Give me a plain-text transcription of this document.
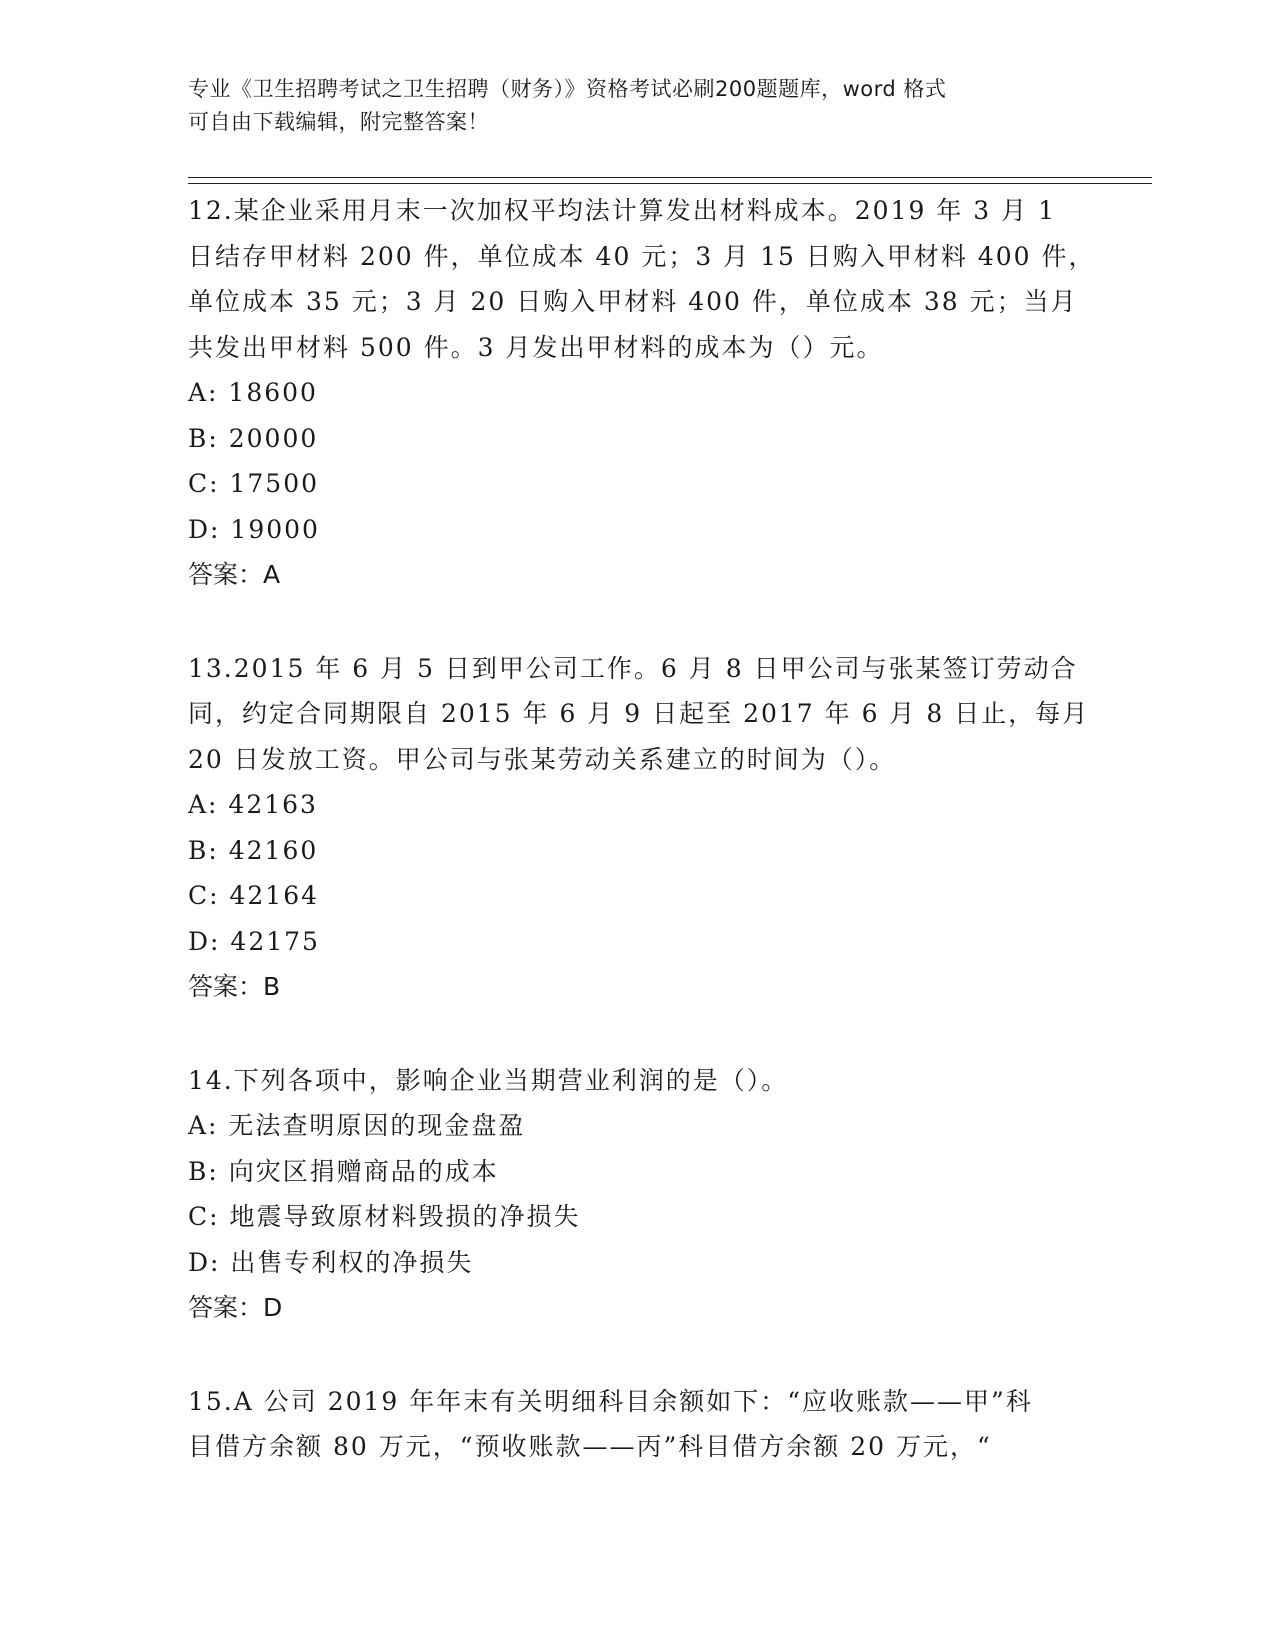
专业《卫生招聘考试之卫生招聘（财务）》资格考试必刷200题题库，word 格式
可自由下载编辑，附完整答案！
12.某企业采用月末一次加权平均法计算发出材料成本。2019 年 3 月 1
日结存甲材料 200 件，单位成本 40 元；3 月 15 日购入甲材料 400 件，
单位成本 35 元；3 月 20 日购入甲材料 400 件，单位成本 38 元；当月
共发出甲材料 500 件。3 月发出甲材料的成本为（）元。
A: 18600
B: 20000
C: 17500
D: 19000
答案：A
13.2015 年 6 月 5 日到甲公司工作。6 月 8 日甲公司与张某签订劳动合
同，约定合同期限自 2015 年 6 月 9 日起至 2017 年 6 月 8 日止，每月
20 日发放工资。甲公司与张某劳动关系建立的时间为（）。
A: 42163
B: 42160
C: 42164
D: 42175
答案：B
14.下列各项中，影响企业当期营业利润的是（）。
A: 无法查明原因的现金盘盈
B: 向灾区捐赠商品的成本
C: 地震导致原材料毁损的净损失
D: 出售专利权的净损失
答案：D
15.A 公司 2019 年年末有关明细科目余额如下：“应收账款——甲”科
目借方余额 80 万元，“预收账款——丙”科目借方余额 20 万元，“
